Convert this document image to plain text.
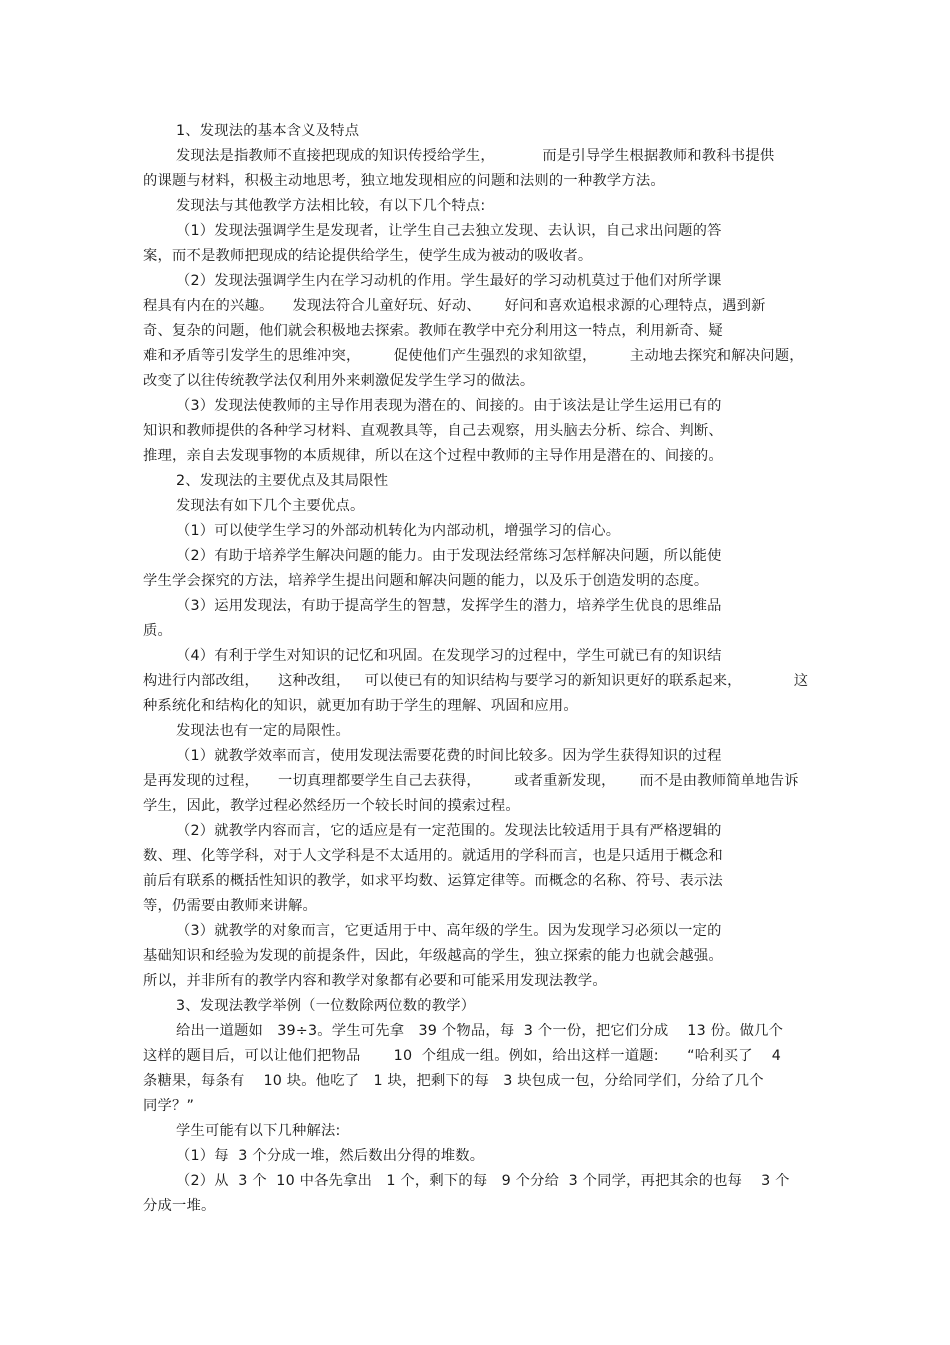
1、发现法的基本含义及特点
发现法是指教师不直接把现成的知识传授给学生，          而是引导学生根据教师和教科书提供
的课题与材料，积极主动地思考，独立地发现相应的问题和法则的一种教学方法。
发现法与其他教学方法相比较，有以下几个特点:
（1）发现法强调学生是发现者，让学生自己去独立发现、去认识，自己求出问题的答
案，而不是教师把现成的结论提供给学生，使学生成为被动的吸收者。
（2）发现法强调学生内在学习动机的作用。学生最好的学习动机莫过于他们对所学课
程具有内在的兴趣。    发现法符合儿童好玩、好动、     好问和喜欢追根求源的心理特点，遇到新
奇、复杂的问题，他们就会积极地去探索。教师在教学中充分利用这一特点，利用新奇、疑
难和矛盾等引发学生的思维冲突，       促使他们产生强烈的求知欲望，       主动地去探究和解决问题，
改变了以往传统教学法仅利用外来刺激促发学生学习的做法。
（3）发现法使教师的主导作用表现为潜在的、间接的。由于该法是让学生运用已有的
知识和教师提供的各种学习材料、直观教具等，自己去观察，用头脑去分析、综合、判断、
推理，亲自去发现事物的本质规律，所以在这个过程中教师的主导作用是潜在的、间接的。
2、发现法的主要优点及其局限性
发现法有如下几个主要优点。
（1）可以使学生学习的外部动机转化为内部动机，增强学习的信心。
（2）有助于培养学生解决问题的能力。由于发现法经常练习怎样解决问题，所以能使
学生学会探究的方法，培养学生提出问题和解决问题的能力，以及乐于创造发明的态度。
（3）运用发现法，有助于提高学生的智慧，发挥学生的潜力，培养学生优良的思维品
质。
（4）有利于学生对知识的记忆和巩固。在发现学习的过程中，学生可就已有的知识结
构进行内部改组，    这种改组，   可以使已有的知识结构与要学习的新知识更好的联系起来，           这
种系统化和结构化的知识，就更加有助于学生的理解、巩固和应用。
发现法也有一定的局限性。
（1）就教学效率而言，使用发现法需要花费的时间比较多。因为学生获得知识的过程
是再发现的过程，    一切真理都要学生自己去获得，       或者重新发现，     而不是由教师简单地告诉
学生，因此，教学过程必然经历一个较长时间的摸索过程。
（2）就教学内容而言，它的适应是有一定范围的。发现法比较适用于具有严格逻辑的
数、理、化等学科，对于人文学科是不太适用的。就适用的学科而言，也是只适用于概念和
前后有联系的概括性知识的教学，如求平均数、运算定律等。而概念的名称、符号、表示法
等，仍需要由教师来讲解。
（3）就教学的对象而言，它更适用于中、高年级的学生。因为发现学习必须以一定的
基础知识和经验为发现的前提条件，因此，年级越高的学生，独立探索的能力也就会越强。
所以，并非所有的教学内容和教学对象都有必要和可能采用发现法教学。
3、发现法教学举例（一位数除两位数的教学）
给出一道题如   39÷3。学生可先拿   39 个物品，每  3 个一份，把它们分成    13 份。做几个
这样的题目后，可以让他们把物品       10  个组成一组。例如，给出这样一道题:      “哈利买了    4
条糖果，每条有    10 块。他吃了   1 块，把剩下的每   3 块包成一包，分给同学们，分给了几个
同学？”
学生可能有以下几种解法:
（1）每  3 个分成一堆，然后数出分得的堆数。
（2）从  3 个  10 中各先拿出   1 个，剩下的每   9 个分给  3 个同学，再把其余的也每    3 个
分成一堆。
